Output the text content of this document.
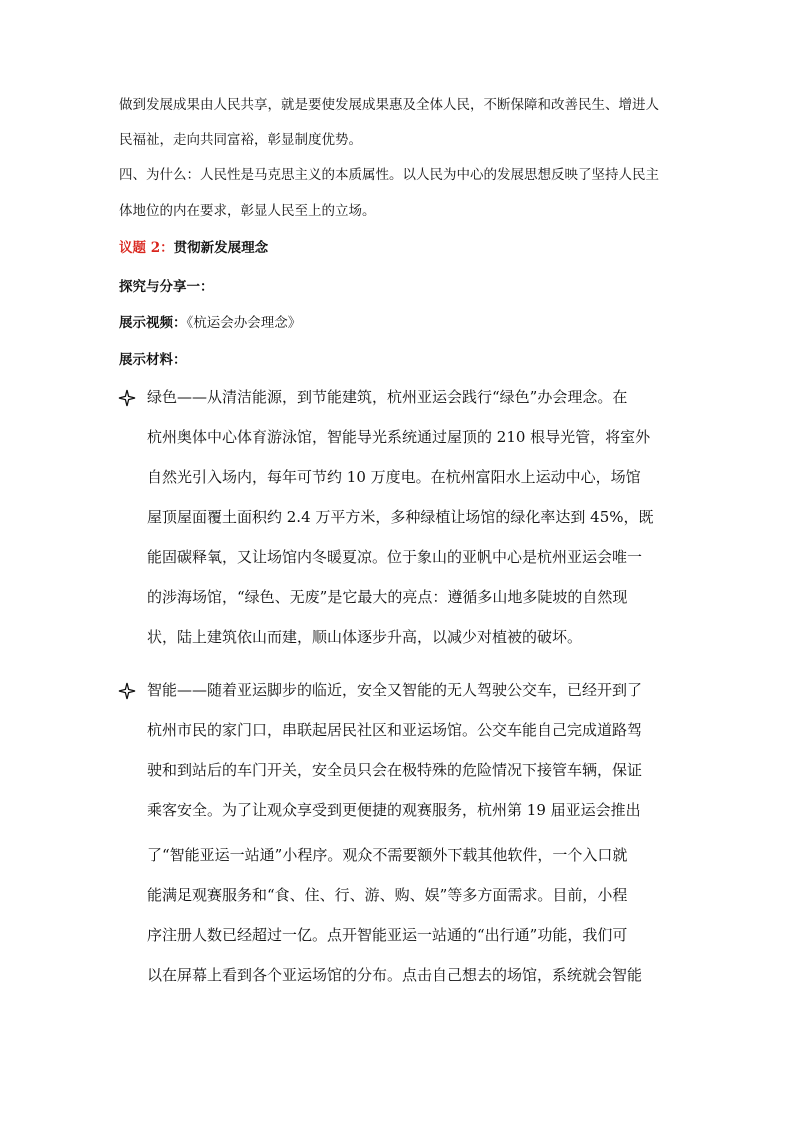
做到发展成果由人民共享，就是要使发展成果惠及全体人民，不断保障和改善民生、增进人
民福祉，走向共同富裕，彰显制度优势。
四、为什么：人民性是马克思主义的本质属性。以人民为中心的发展思想反映了坚持人民主
体地位的内在要求，彰显人民至上的立场。
议题 2：贯彻新发展理念
探究与分享一：
展示视频：《杭运会办会理念》
展示材料：
绿色——从清洁能源，到节能建筑，杭州亚运会践行“绿色”办会理念。在
杭州奥体中心体育游泳馆，智能导光系统通过屋顶的 210 根导光管，将室外
自然光引入场内，每年可节约 10 万度电。在杭州富阳水上运动中心，场馆
屋顶屋面覆土面积约 2.4 万平方米，多种绿植让场馆的绿化率达到 45%，既
能固碳释氧，又让场馆内冬暖夏凉。位于象山的亚帆中心是杭州亚运会唯一
的涉海场馆，“绿色、无废”是它最大的亮点：遵循多山地多陡坡的自然现
状，陆上建筑依山而建，顺山体逐步升高，以减少对植被的破坏。
智能——随着亚运脚步的临近，安全又智能的无人驾驶公交车，已经开到了
杭州市民的家门口，串联起居民社区和亚运场馆。公交车能自己完成道路驾
驶和到站后的车门开关，安全员只会在极特殊的危险情况下接管车辆，保证
乘客安全。为了让观众享受到更便捷的观赛服务，杭州第 19 届亚运会推出
了“智能亚运一站通”小程序。观众不需要额外下载其他软件，一个入口就
能满足观赛服务和“食、住、行、游、购、娱”等多方面需求。目前，小程
序注册人数已经超过一亿。点开智能亚运一站通的“出行通”功能，我们可
以在屏幕上看到各个亚运场馆的分布。点击自己想去的场馆，系统就会智能
